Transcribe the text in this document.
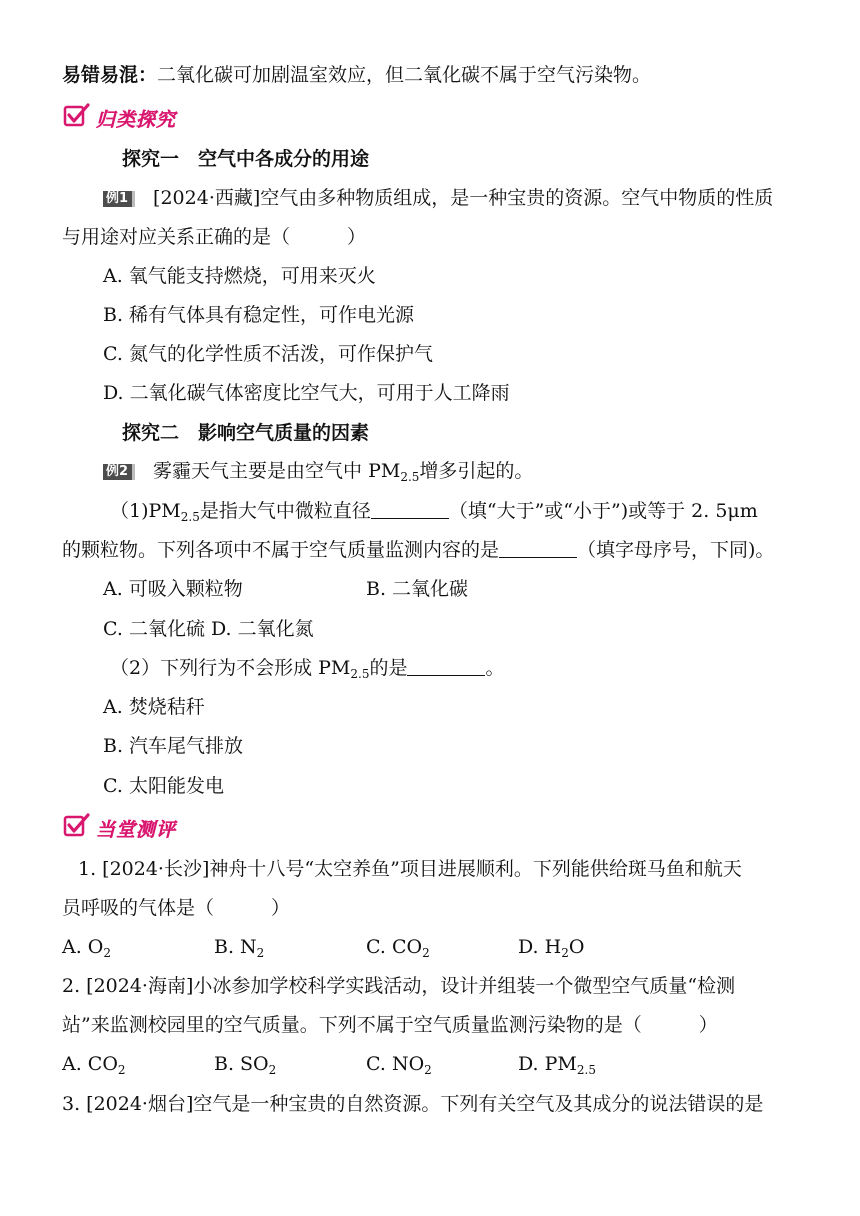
易错易混：二氧化碳可加剧温室效应，但二氧化碳不属于空气污染物。
归类探究
探究一　空气中各成分的用途
例1 [2024·西藏]空气由多种物质组成，是一种宝贵的资源。空气中物质的性质
与用途对应关系正确的是（　　　）
A. 氧气能支持燃烧，可用来灭火
B. 稀有气体具有稳定性，可作电光源
C. 氮气的化学性质不活泼，可作保护气
D. 二氧化碳气体密度比空气大，可用于人工降雨
探究二　影响空气质量的因素
例2 雾霾天气主要是由空气中 $PM_{2.5}$增多引起的。
$(1)PM_{2.5}$是指大气中微粒直径	（填“大于”或“小于”)或等于 2. 5μm
的颗粒物。下列各项中不属于空气质量监测内容的是	（填字母序号，下同)。
A. 可吸入颗粒物	B. 二氧化碳
C. 二氧化硫 D. 二氧化氮
（2）下列行为不会形成 $PM_{2.5}$的是	。
A. 焚烧秸秆
B. 汽车尾气排放
C. 太阳能发电
当堂测评
1. [2024·长沙]神舟十八号“太空养鱼”项目进展顺利。下列能供给斑马鱼和航天
员呼吸的气体是（　　　）
A. $O_2$	B. $N_2$	C. $CO_2$	D. $H_2O$
2. [2024·海南]小冰参加学校科学实践活动，设计并组装一个微型空气质量“检测
站”来监测校园里的空气质量。下列不属于空气质量监测污染物的是（　　　）
A. $CO_2$	B. $SO_2$	C. $NO_2$	D. $PM_{2.5}$
3. [2024·烟台]空气是一种宝贵的自然资源。下列有关空气及其成分的说法错误的是
